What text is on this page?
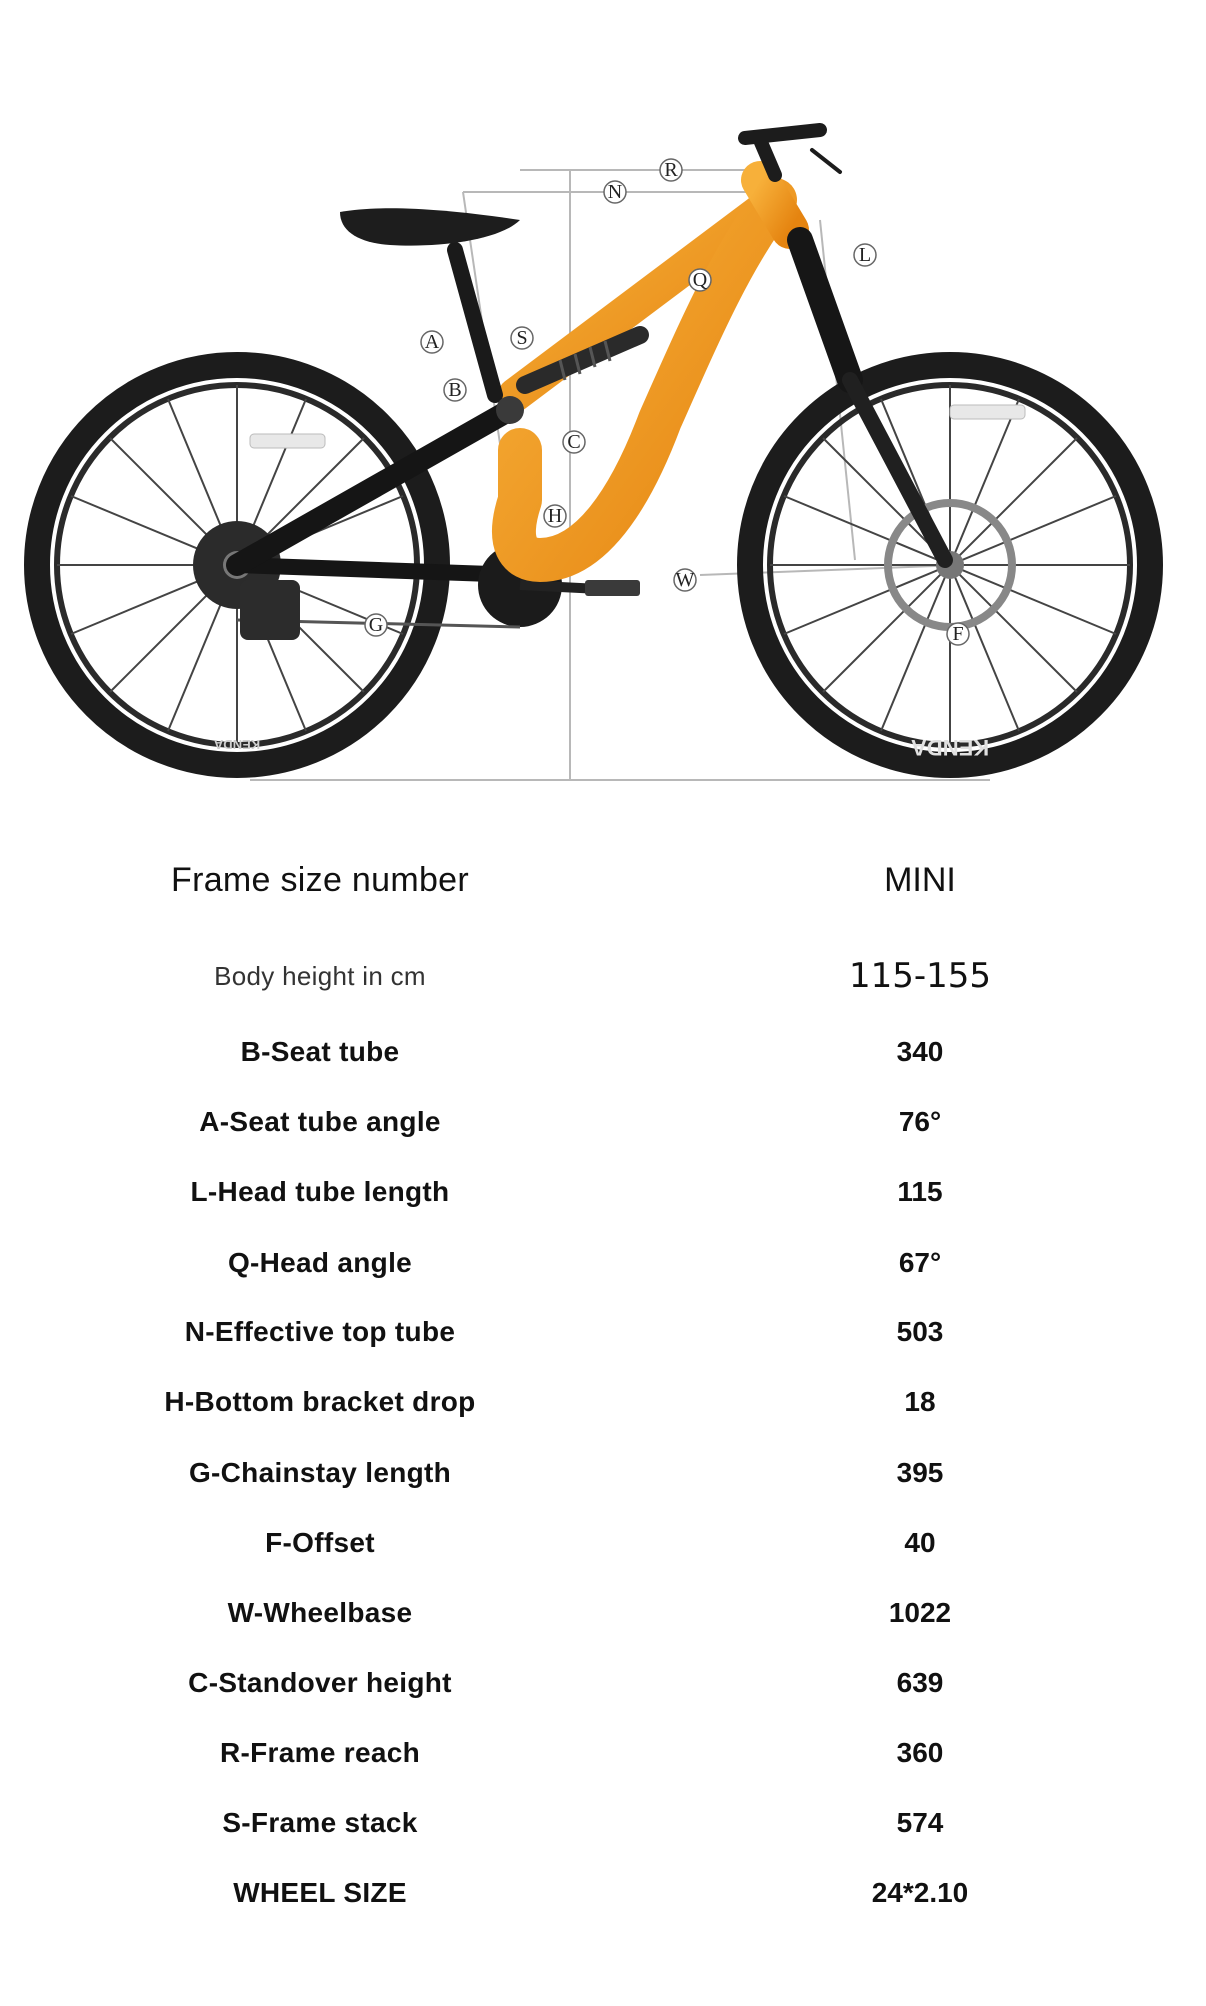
KENDA	KENDA
R
N
L
Q
A	S
B
C
H
W
G	F
Frame size number	MINI
Body height in cm	115-155
B-Seat tube	340
A-Seat tube angle	76°
L-Head tube length	115
Q-Head angle	67°
N-Effective top tube	503
H-Bottom bracket drop	18
G-Chainstay length	395
F-Offset	40
W-Wheelbase	1022
C-Standover height	639
R-Frame reach	360
S-Frame stack	574
WHEEL SIZE	24*2.10
